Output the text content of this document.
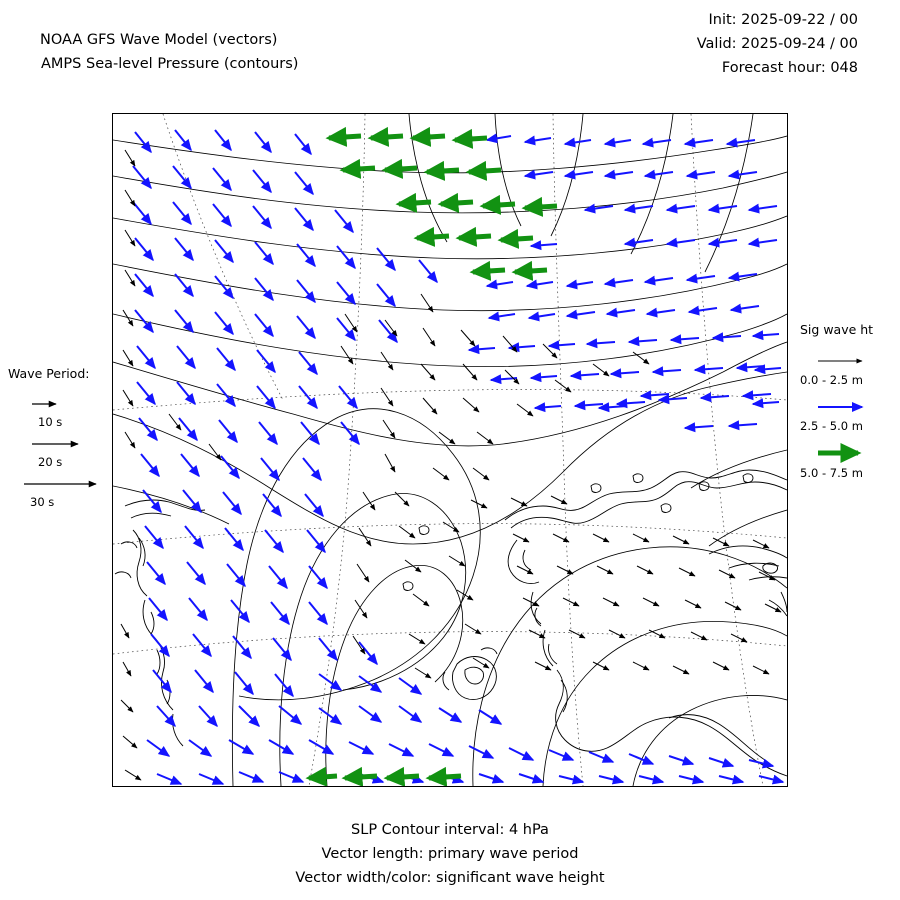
NOAA GFS Wave Model (vectors)
AMPS Sea-level Pressure (contours)
Init: 2025-09-22 / 00
Valid: 2025-09-24 / 00
Forecast hour: 048
Wave Period:
10 s
20 s
30 s
Sig wave ht
0.0 - 2.5 m
2.5 - 5.0 m
5.0 - 7.5 m
SLP Contour interval: 4 hPa
Vector length: primary wave period
Vector width/color: significant wave height
